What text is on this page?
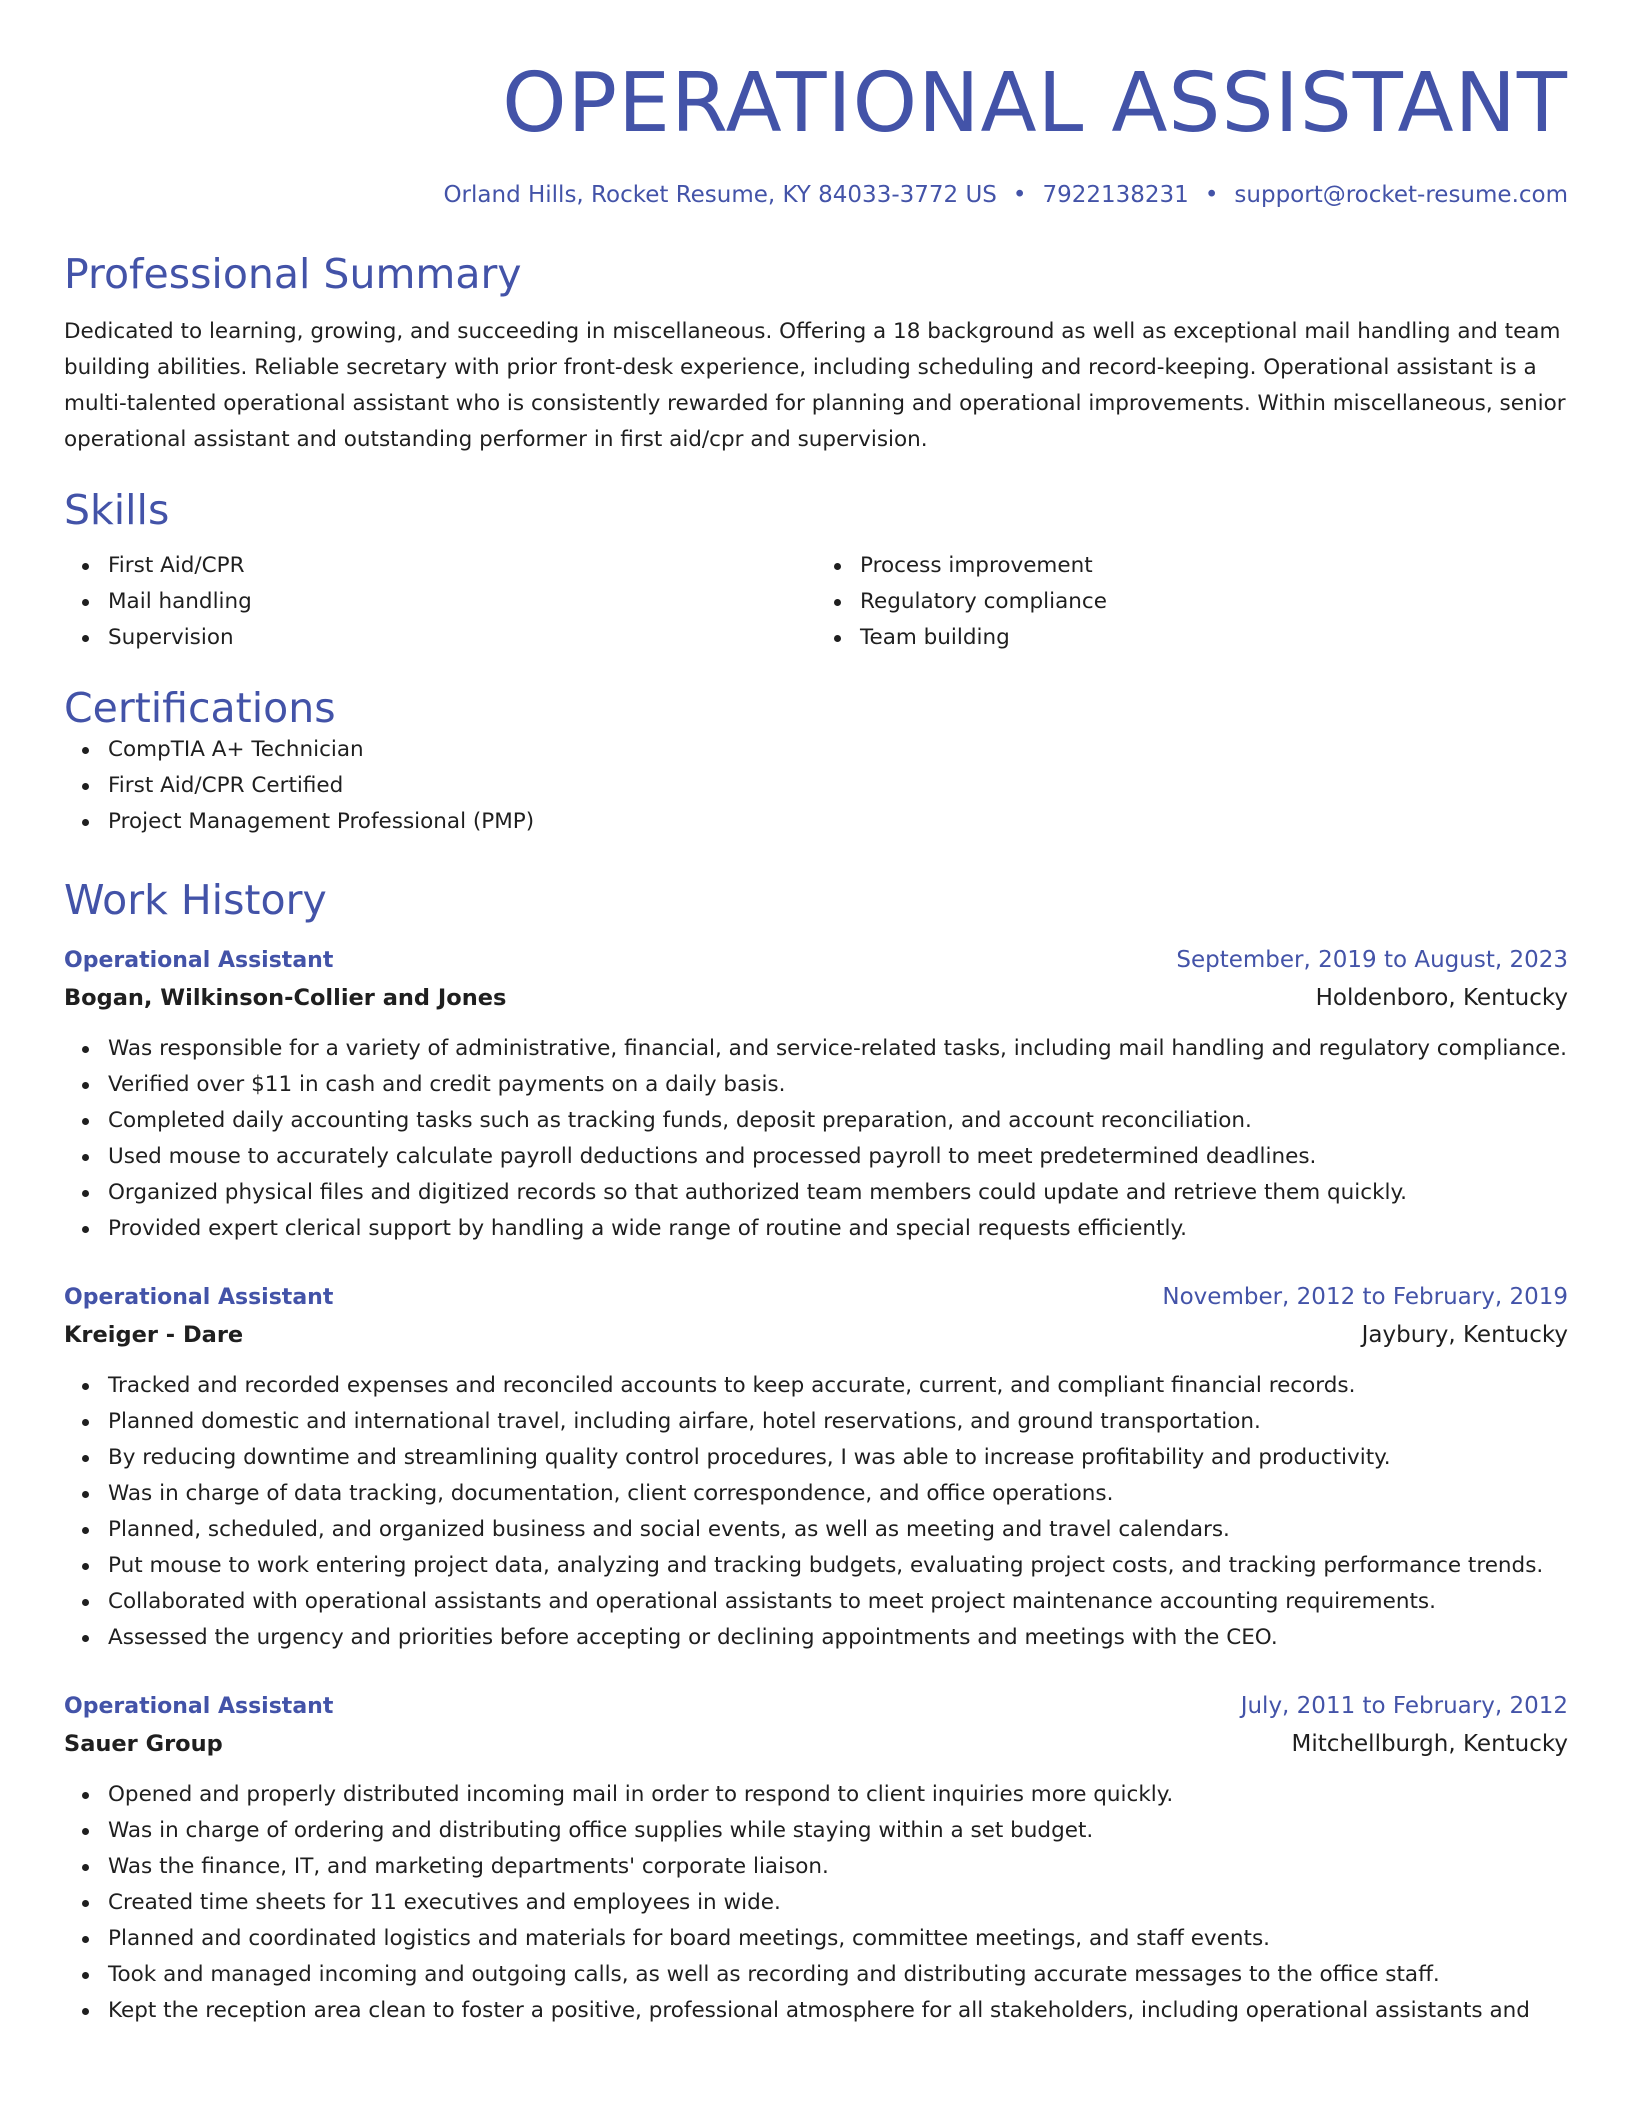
OPERATIONAL ASSISTANT
Orland Hills, Rocket Resume, KY 84033-3772 US • 7922138231 • support@rocket-resume.com
Professional Summary

Dedicated to learning, growing, and succeeding in miscellaneous. Offering a 18 background as well as exceptional mail handling and team building abilities. Reliable secretary with prior front-desk experience, including scheduling and record-keeping. Operational assistant is a multi-talented operational assistant who is consistently rewarded for planning and operational improvements. Within miscellaneous, senior operational assistant and outstanding performer in first aid/cpr and supervision.

Skills
First Aid/CPR
Mail handling
Supervision
Process improvement
Regulatory compliance
Team building
Certifications
CompTIA A+ Technician
First Aid/CPR Certified
Project Management Professional (PMP)
Work History
Operational Assistant	September, 2019 to August, 2023
Bogan, Wilkinson-Collier and Jones	Holdenboro, Kentucky
Was responsible for a variety of administrative, financial, and service-related tasks, including mail handling and regulatory compliance.
Verified over $11 in cash and credit payments on a daily basis.
Completed daily accounting tasks such as tracking funds, deposit preparation, and account reconciliation.
Used mouse to accurately calculate payroll deductions and processed payroll to meet predetermined deadlines.
Organized physical files and digitized records so that authorized team members could update and retrieve them quickly.
Provided expert clerical support by handling a wide range of routine and special requests efficiently.
Operational Assistant	November, 2012 to February, 2019
Kreiger - Dare	Jaybury, Kentucky
Tracked and recorded expenses and reconciled accounts to keep accurate, current, and compliant financial records.
Planned domestic and international travel, including airfare, hotel reservations, and ground transportation.
By reducing downtime and streamlining quality control procedures, I was able to increase profitability and productivity.
Was in charge of data tracking, documentation, client correspondence, and office operations.
Planned, scheduled, and organized business and social events, as well as meeting and travel calendars.
Put mouse to work entering project data, analyzing and tracking budgets, evaluating project costs, and tracking performance trends.
Collaborated with operational assistants and operational assistants to meet project maintenance accounting requirements.
Assessed the urgency and priorities before accepting or declining appointments and meetings with the CEO.
Operational Assistant	July, 2011 to February, 2012
Sauer Group	Mitchellburgh, Kentucky
Opened and properly distributed incoming mail in order to respond to client inquiries more quickly.
Was in charge of ordering and distributing office supplies while staying within a set budget.
Was the finance, IT, and marketing departments' corporate liaison.
Created time sheets for 11 executives and employees in wide.
Planned and coordinated logistics and materials for board meetings, committee meetings, and staff events.
Took and managed incoming and outgoing calls, as well as recording and distributing accurate messages to the office staff.
Kept the reception area clean to foster a positive, professional atmosphere for all stakeholders, including operational assistants and
